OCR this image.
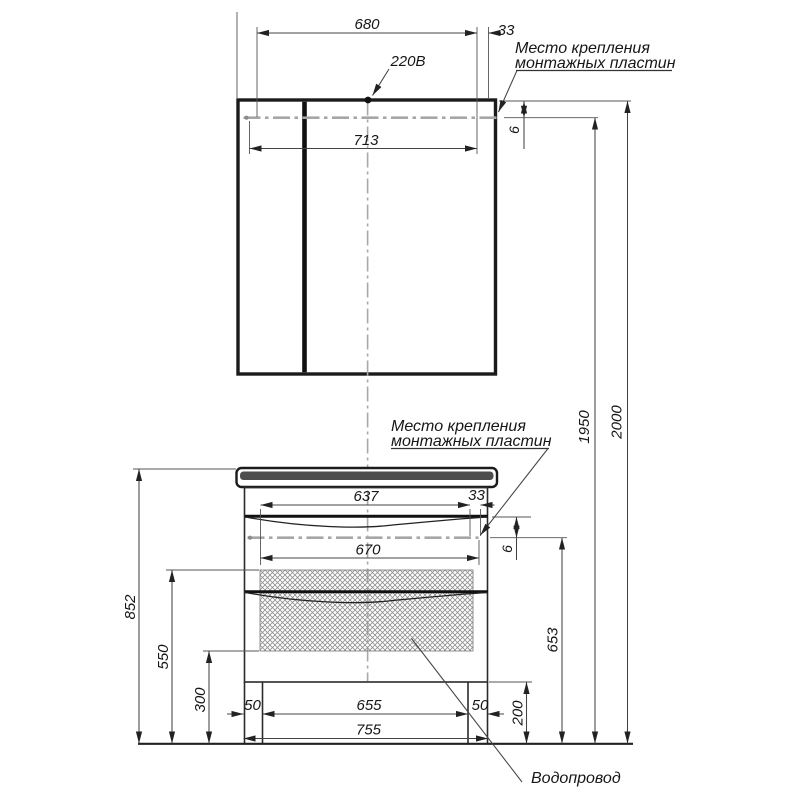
680	33
220В
713
6
Место крепления
монтажных пластин
Место крепления
монтажных пластин
637	33
670	6
852
550
300
200
653
1950 2000
50	655	50
755
Водопровод
